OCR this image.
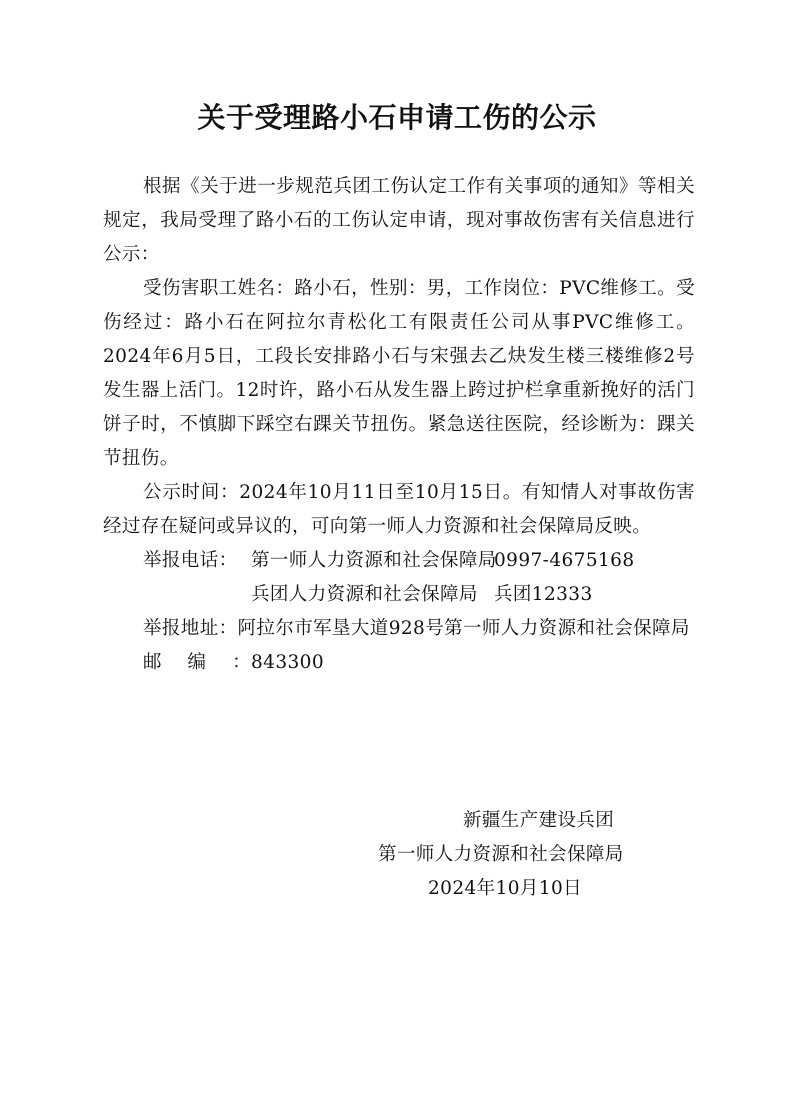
关于受理路小石申请工伤的公示

根据《关于进一步规范兵团工伤认定工作有关事项的通知》等相关规定，我局受理了路小石的工伤认定申请，现对事故伤害有关信息进行公示：

受伤害职工姓名：路小石，性别：男，工作岗位：PVC维修工。受伤经过：路小石在阿拉尔青松化工有限责任公司从事PVC维修工。2024年6月5日，工段长安排路小石与宋强去乙炔发生楼三楼维修2号发生器上活门。12时许，路小石从发生器上跨过护栏拿重新挽好的活门饼子时，不慎脚下踩空右踝关节扭伤。紧急送往医院，经诊断为：踝关节扭伤。

公示时间：2024年10月11日至10月15日。有知情人对事故伤害经过存在疑问或异议的，可向第一师人力资源和社会保障局反映。

举报电话： 第一师人力资源和社会保障局
0997-4675168
兵团人力资源和社会保障局 兵团12333

举报地址：阿拉尔市军垦大道928号第一师人力资源和社会保障局

邮编： 843300
新疆生产建设兵团
第一师人力资源和社会保障局
2024年10月10日
